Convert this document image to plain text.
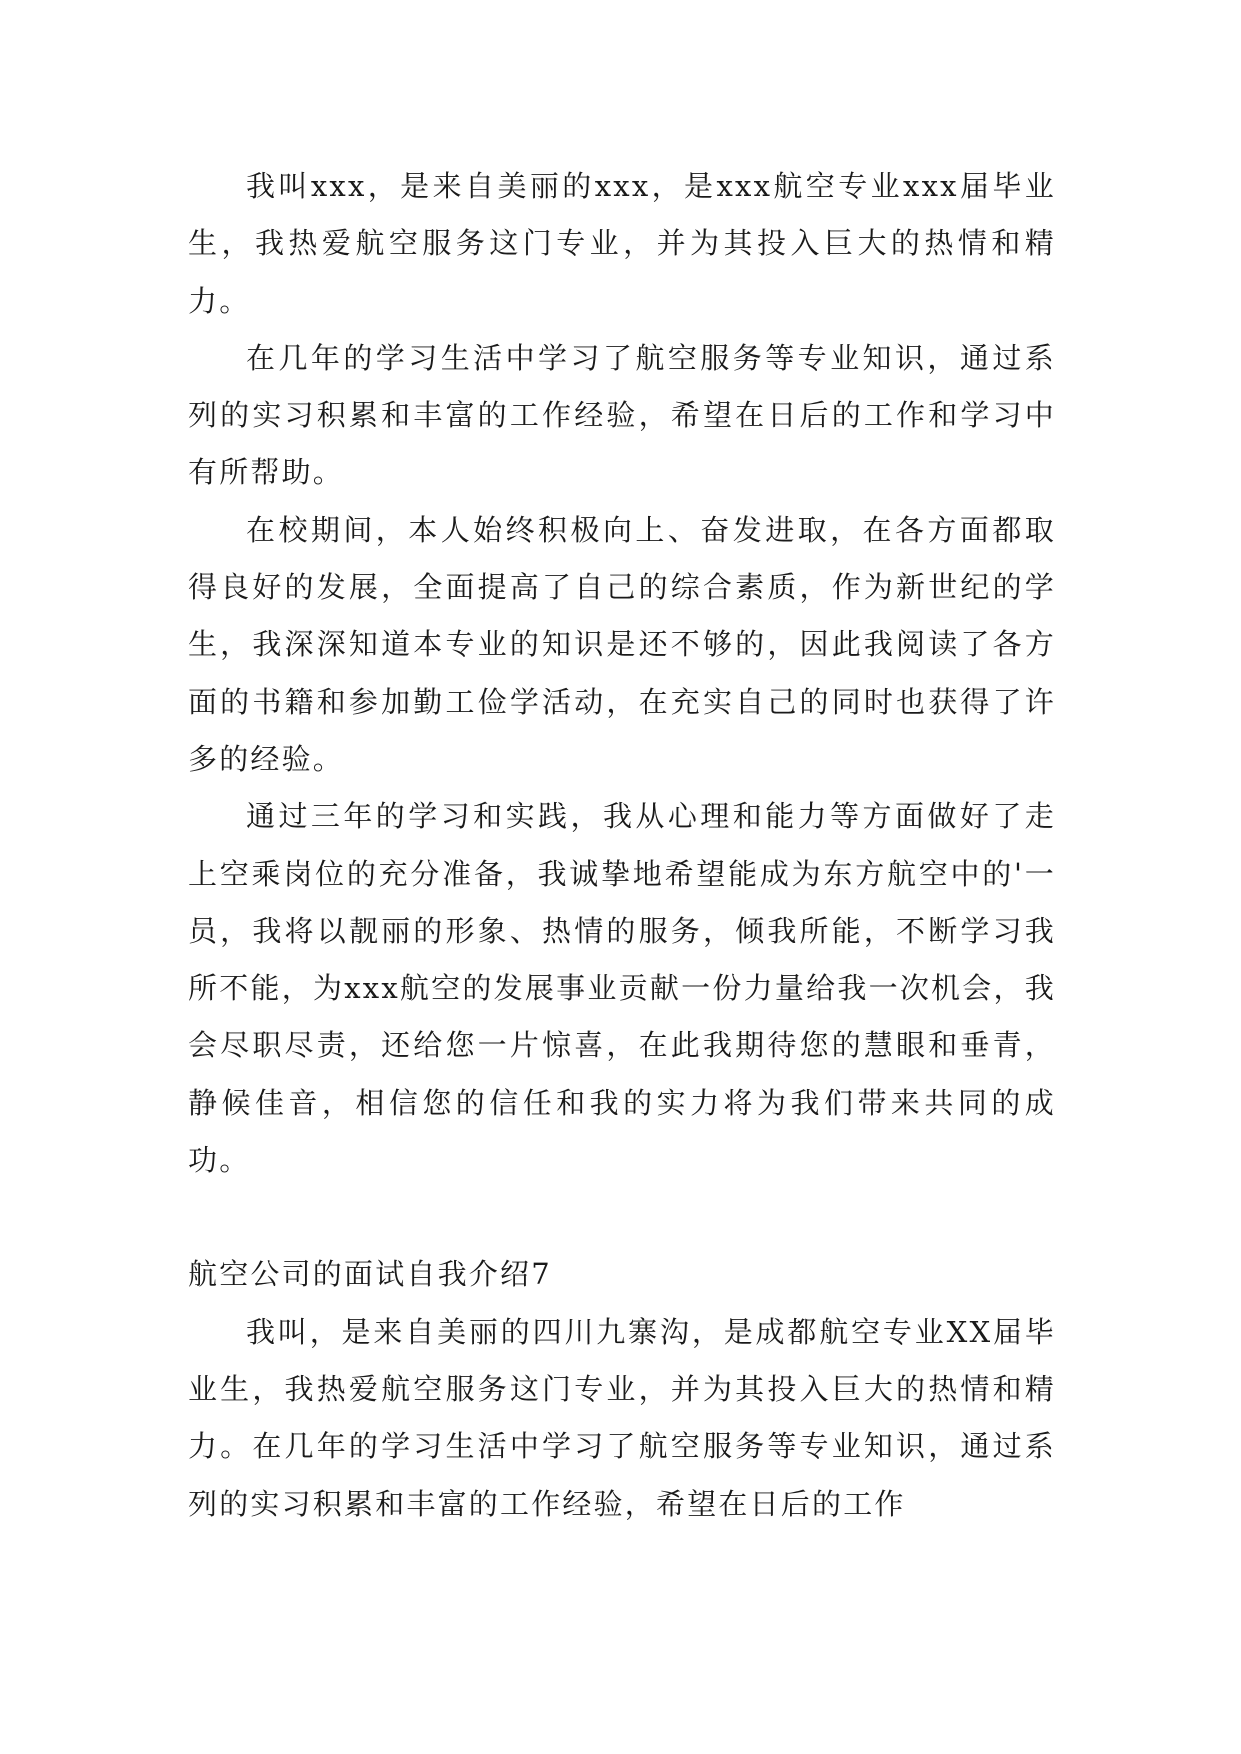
我叫xxx，是来自美丽的xxx，是xxx航空专业xxx届毕业生，我热爱航空服务这门专业，并为其投入巨大的热情和精力。

在几年的学习生活中学习了航空服务等专业知识，通过系列的实习积累和丰富的工作经验，希望在日后的工作和学习中有所帮助。

在校期间，本人始终积极向上、奋发进取，在各方面都取得良好的发展，全面提高了自己的综合素质，作为新世纪的学生，我深深知道本专业的知识是还不够的，因此我阅读了各方面的书籍和参加勤工俭学活动，在充实自己的同时也获得了许多的经验。

通过三年的学习和实践，我从心理和能力等方面做好了走上空乘岗位的充分准备，我诚挚地希望能成为东方航空中的'一员，我将以靓丽的形象、热情的服务，倾我所能，不断学习我所不能，为xxx航空的发展事业贡献一份力量给我一次机会，我会尽职尽责，还给您一片惊喜，在此我期待您的慧眼和垂青，静候佳音，相信您的信任和我的实力将为我们带来共同的成功。

航空公司的面试自我介绍7

我叫，是来自美丽的四川九寨沟，是成都航空专业XX届毕业生，我热爱航空服务这门专业，并为其投入巨大的热情和精力。在几年的学习生活中学习了航空服务等专业知识，通过系列的实习积累和丰富的工作经验，希望在日后的工作
